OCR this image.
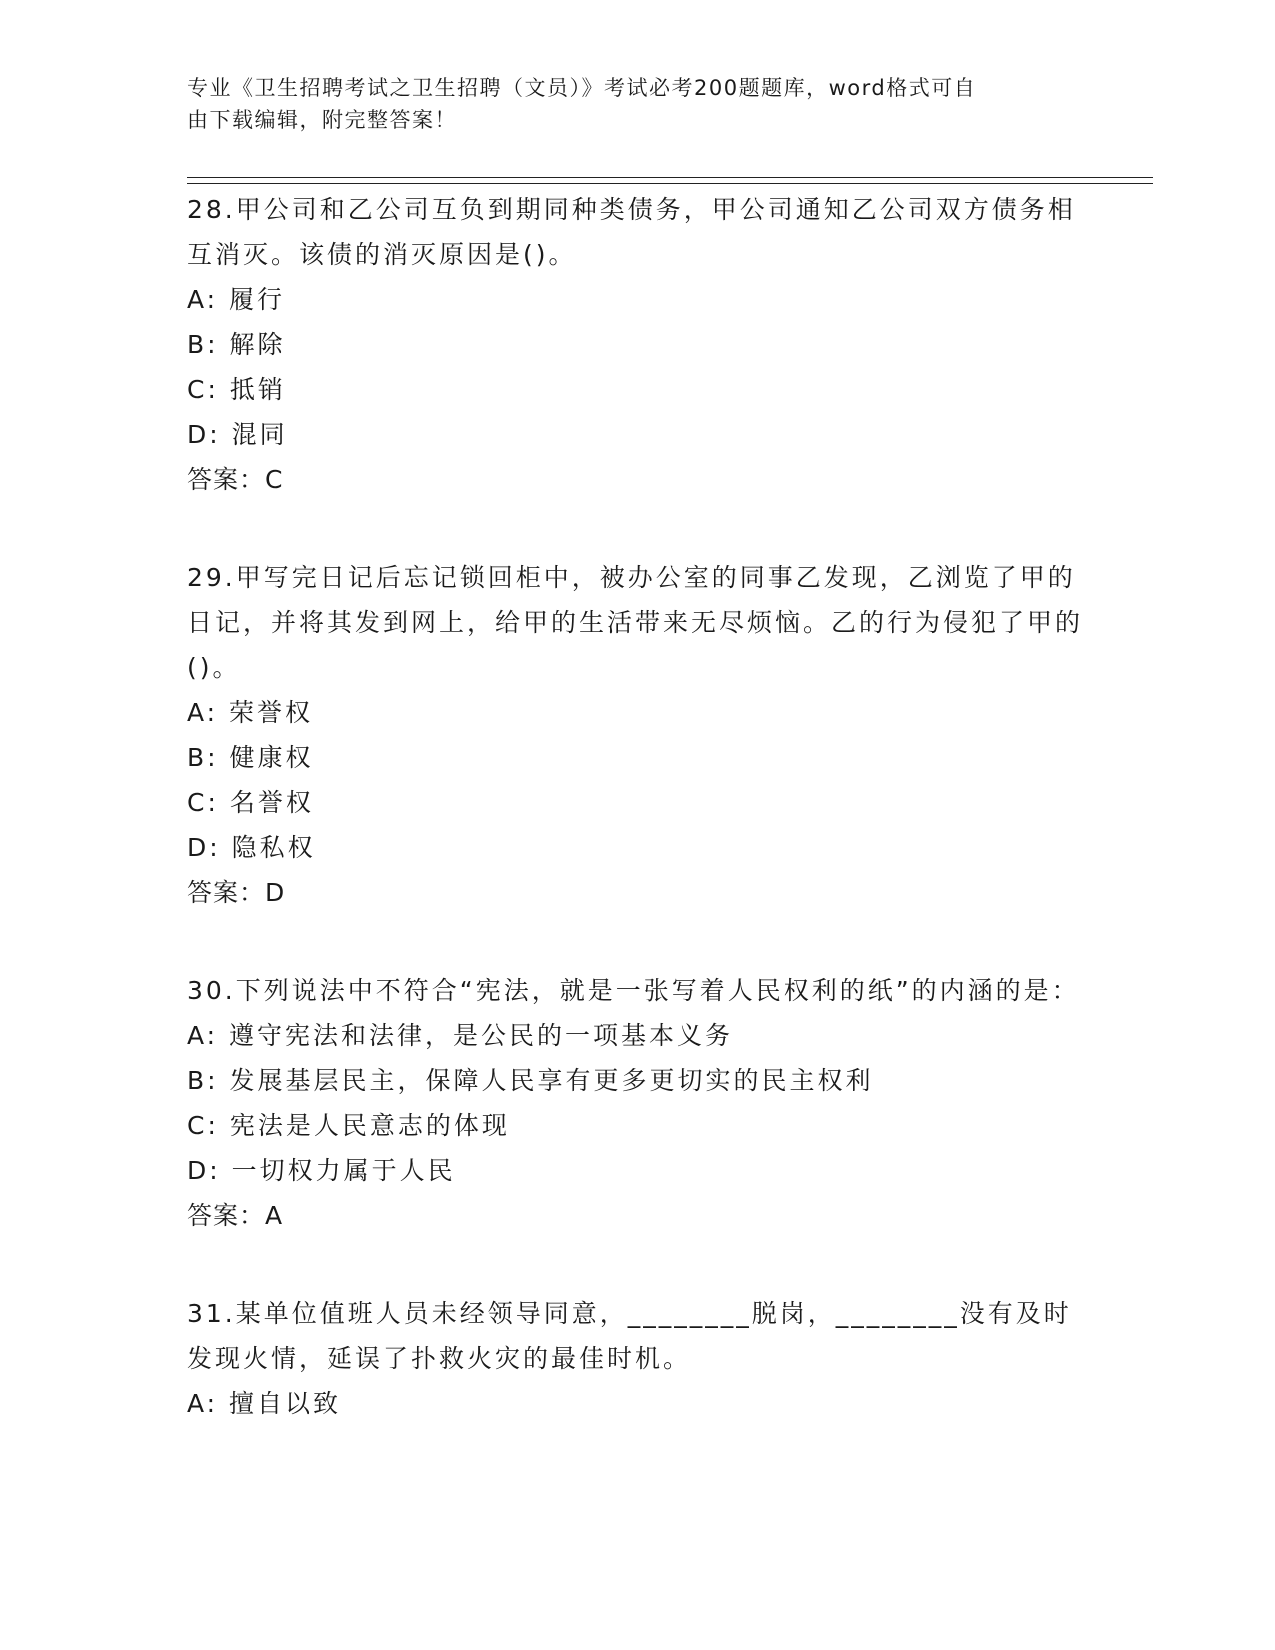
专业《卫生招聘考试之卫生招聘（文员）》考试必考200题题库，word格式可自
由下载编辑，附完整答案！
28.甲公司和乙公司互负到期同种类债务，甲公司通知乙公司双方债务相互消灭。该债的消灭原因是()。
A: 履行
B: 解除
C: 抵销
D: 混同
答案：C
29.甲写完日记后忘记锁回柜中，被办公室的同事乙发现，乙浏览了甲的日记，并将其发到网上，给甲的生活带来无尽烦恼。乙的行为侵犯了甲的()。
A: 荣誉权
B: 健康权
C: 名誉权
D: 隐私权
答案：D
30.下列说法中不符合“宪法，就是一张写着人民权利的纸”的内涵的是：
A: 遵守宪法和法律，是公民的一项基本义务
B: 发展基层民主，保障人民享有更多更切实的民主权利
C: 宪法是人民意志的体现
D: 一切权力属于人民
答案：A
31.某单位值班人员未经领导同意，________脱岗，________没有及时发现火情，延误了扑救火灾的最佳时机。
A: 擅自以致
